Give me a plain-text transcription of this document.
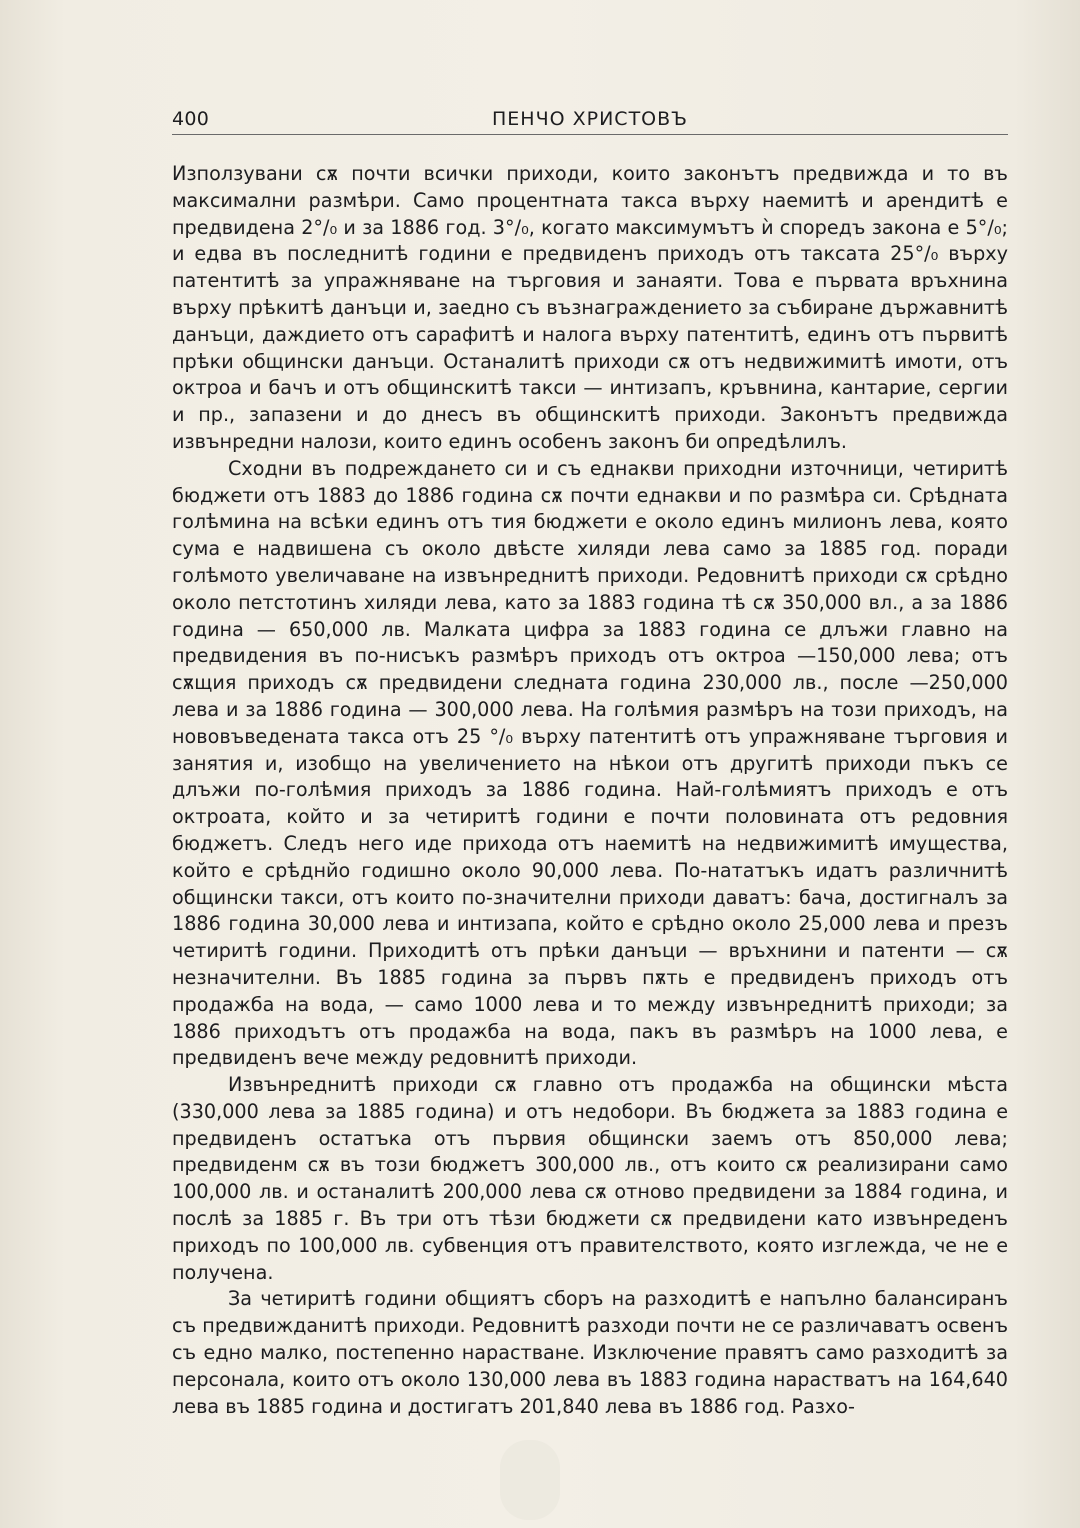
400	ПЕНЧО ХРИСТОВЪ

Използувани сѫ почти всички приходи, които законътъ предвижда и то въ максимални размѣри. Само процентната такса върху наемитѣ и арендитѣ е предвидена 2°/₀ и за 1886 год. 3°/₀, когато максимумътъ ѝ споредъ закона е 5°/₀; и едва въ последнитѣ години е предвиденъ приходъ отъ таксата 25°/₀ върху патентитѣ за упражняване на търговия и занаяти. Това е първата връхнина върху прѣкитѣ данъци и, заедно съ възнаграждението за събиране държавнитѣ данъци, даждието отъ сарафитѣ и налога върху патентитѣ, единъ отъ първитѣ прѣки общински данъци. Останалитѣ приходи сѫ отъ недвижимитѣ имоти, отъ октроа и бачъ и отъ общинскитѣ такси — интизапъ, кръвнина, кантарие, сергии и пр., запазени и до днесъ въ общинскитѣ приходи. Законътъ предвижда извънредни налози, които единъ особенъ законъ би опредѣлилъ.

Сходни въ подреждането си и съ еднакви приходни източници, четиритѣ бюджети отъ 1883 до 1886 година сѫ почти еднакви и по размѣра си. Срѣдната голѣмина на всѣки единъ отъ тия бюджети е около единъ милионъ лева, която сума е надвишена съ около двѣсте хиляди лева само за 1885 год. поради голѣмото увеличаване на извънреднитѣ приходи. Редовнитѣ приходи сѫ срѣдно около петстотинъ хиляди лева, като за 1883 година тѣ сѫ 350,000 вл., а за 1886 година — 650,000 лв. Малката цифра за 1883 година се длъжи главно на предвидения въ по-нисъкъ размѣръ приходъ отъ октроа —150,000 лева; отъ сѫщия приходъ сѫ предвидени следната година 230,000 лв., после —250,000 лева и за 1886 година — 300,000 лева. На голѣмия размѣръ на този приходъ, на нововъведената такса отъ 25 °/₀ върху патентитѣ отъ упражняване търговия и занятия и, изобщо на увеличението на нѣкои отъ другитѣ приходи пъкъ се длъжи по-голѣмия приходъ за 1886 година. Най-голѣмиятъ приходъ е отъ октроата, който и за четиритѣ години е почти половината отъ редовния бюджетъ. Следъ него иде прихода отъ наемитѣ на недвижимитѣ имущества, който е срѣднйо годишно около 90,000 лева. По-нататъкъ идатъ различнитѣ общински такси, отъ които по-значителни приходи даватъ: бача, достигналъ за 1886 година 30,000 лева и интизапа, който е срѣдно около 25,000 лева и презъ четиритѣ години. Приходитѣ отъ прѣки данъци — връхнини и патенти — сѫ незначителни. Въ 1885 година за първъ пѫть е предвиденъ приходъ отъ продажба на вода, — само 1000 лева и то между извънреднитѣ приходи; за 1886 приходътъ отъ продажба на вода, пакъ въ размѣръ на 1000 лева, е предвиденъ вече между редовнитѣ приходи.

Извънреднитѣ приходи сѫ главно отъ продажба на общински мѣста (330,000 лева за 1885 година) и отъ недобори. Въ бюджета за 1883 година е предвиденъ остатъка отъ първия общински заемъ отъ 850,000 лева; предвиденм сѫ въ този бюджетъ 300,000 лв., отъ които сѫ реализирани само 100,000 лв. и останалитѣ 200,000 лева сѫ отново предвидени за 1884 година, и послѣ за 1885 г. Въ три отъ тѣзи бюджети сѫ предвидени като извънреденъ приходъ по 100,000 лв. субвенция отъ правителството, която изглежда, че не е получена.

За четиритѣ години общиятъ сборъ на разходитѣ е напълно балансиранъ съ предвижданитѣ приходи. Редовнитѣ разходи почти не се различаватъ освенъ съ едно малко, постепенно нарастване. Изключение правятъ само разходитѣ за персонала, които отъ около 130,000 лева въ 1883 година нарастватъ на 164,640 лева въ 1885 година и достигатъ 201,840 лева въ 1886 год. Разхо-
